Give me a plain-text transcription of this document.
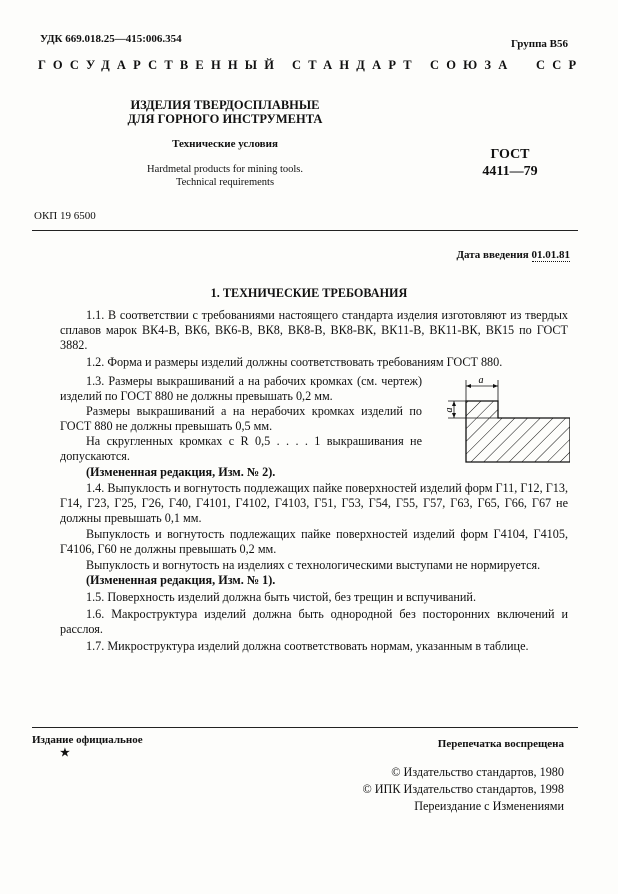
УДК 669.018.25—415:006.354	Группа В56
ГОСУДАРСТВЕННЫЙ СТАНДАРТ СОЮЗА ССР
ИЗДЕЛИЯ ТВЕРДОСПЛАВНЫЕ
ДЛЯ ГОРНОГО ИНСТРУМЕНТА
Технические условия
Hardmetal products for mining tools.
Technical requirements
ГОСТ
4411—79
ОКП 19 6500
Дата введения 01.01.81
1. ТЕХНИЧЕСКИЕ ТРЕБОВАНИЯ

1.1. В соответствии с требованиями настоящего стандарта изделия изготовляют из твердых сплавов марок ВК4-В, ВК6, ВК6-В, ВК8, ВК8-В, ВК8-ВК, ВК11-В, ВК11-ВК, ВК15 по ГОСТ 3882.

1.2. Форма и размеры изделий должны соответствовать требованиям ГОСТ 880.

1.3. Размеры выкрашиваний a на рабочих кромках (см. чертеж) изделий по ГОСТ 880 не должны превышать 0,2 мм.

Размеры выкрашиваний a на нерабочих кромках изделий по ГОСТ 880 не должны превышать 0,5 мм.

На скругленных кромках с R 0,5 . . . . 1 выкрашивания не допускаются.

(Измененная редакция, Изм. № 2).

a
a

1.4. Выпуклость и вогнутость подлежащих пайке поверхностей изделий форм Г11, Г12, Г13, Г14, Г23, Г25, Г26, Г40, Г4101, Г4102, Г4103, Г51, Г53, Г54, Г55, Г57, Г63, Г65, Г66, Г67 не должны превышать 0,1 мм.

Выпуклость и вогнутость подлежащих пайке поверхностей изделий форм Г4104, Г4105, Г4106, Г60 не должны превышать 0,2 мм.

Выпуклость и вогнутость на изделиях с технологическими выступами не нормируется.

(Измененная редакция, Изм. № 1).

1.5. Поверхность изделий должна быть чистой, без трещин и вспучиваний.

1.6. Макроструктура изделий должна быть однородной без посторонних включений и расслоя.

1.7. Микроструктура изделий должна соответствовать нормам, указанным в таблице.

Издание официальное
★
Перепечатка воспрещена
© Издательство стандартов, 1980
© ИПК Издательство стандартов, 1998
Переиздание с Изменениями
